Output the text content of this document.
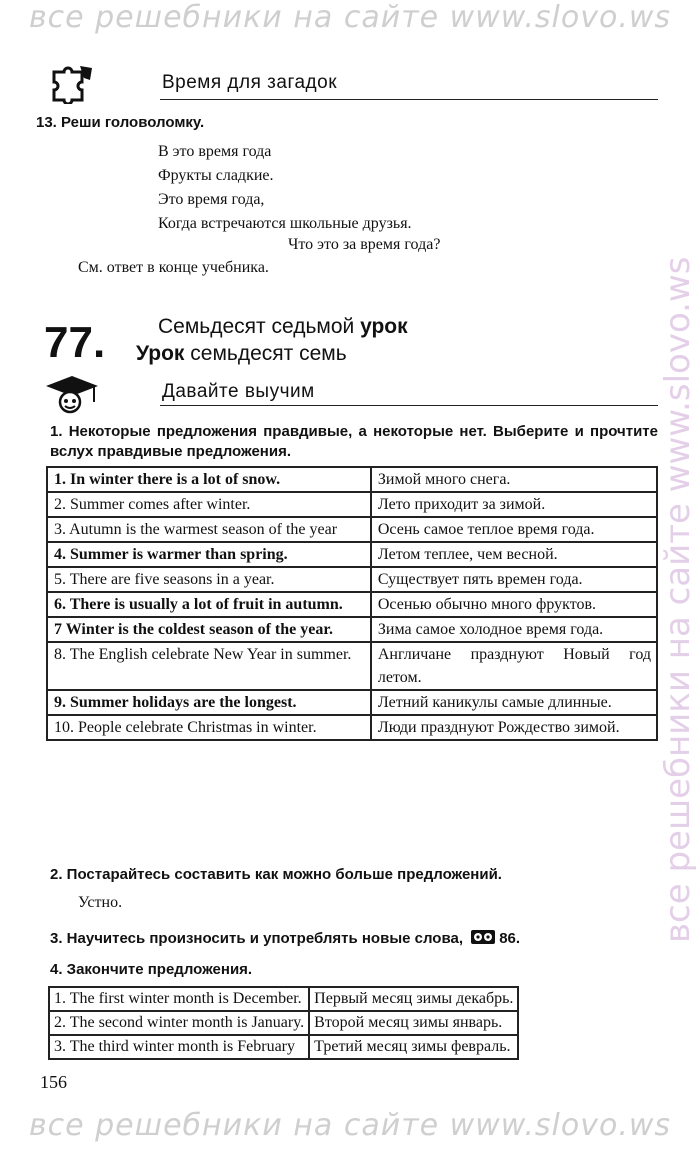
все решебники на сайте www.slovo.ws
все решебники на сайте www.slovo.ws
все решебники на сайте www.slovo.ws
Время для загадок
13. Реши головоломку.
В это время года
Фрукты сладкие.
Это время года,
Когда встречаются школьные друзья.
Что это за время года?
См. ответ в конце учебника.
77.	Семьдесят седьмой урок
Урок семьдесят семь
Давайте выучим
1. Некоторые предложения правдивые, а некоторые нет. Выберите и прочтите вслух правдивые предложения.
1. In winter there is a lot of snow.	Зимой много снега.
2. Summer comes after winter.	Лето приходит за зимой.
3. Autumn is the warmest season of the year	Осень самое теплое время года.
4. Summer is warmer than spring.	Летом теплее, чем весной.
5. There are five seasons in a year.	Существует пять времен года.
6. There is usually a lot of fruit in autumn.	Осенью обычно много фруктов.
7 Winter is the coldest season of the year.	Зима самое холодное время года.
8. The English celebrate New Year in summer.	Англичане празднуют Новый год летом.
9. Summer holidays are the longest.	Летний каникулы самые длинные.
10. People celebrate Christmas in winter.	Люди празднуют Рождество зимой.
2. Постарайтесь составить как можно больше предложений.
Устно.
3. Научитесь произносить и употреблять новые слова, 86.
4. Закончите предложения.
1. The first winter month is December.	Первый месяц зимы декабрь.
2. The second winter month is January.	Второй месяц зимы январь.
3. The third winter month is February	Третий месяц зимы февраль.
156
